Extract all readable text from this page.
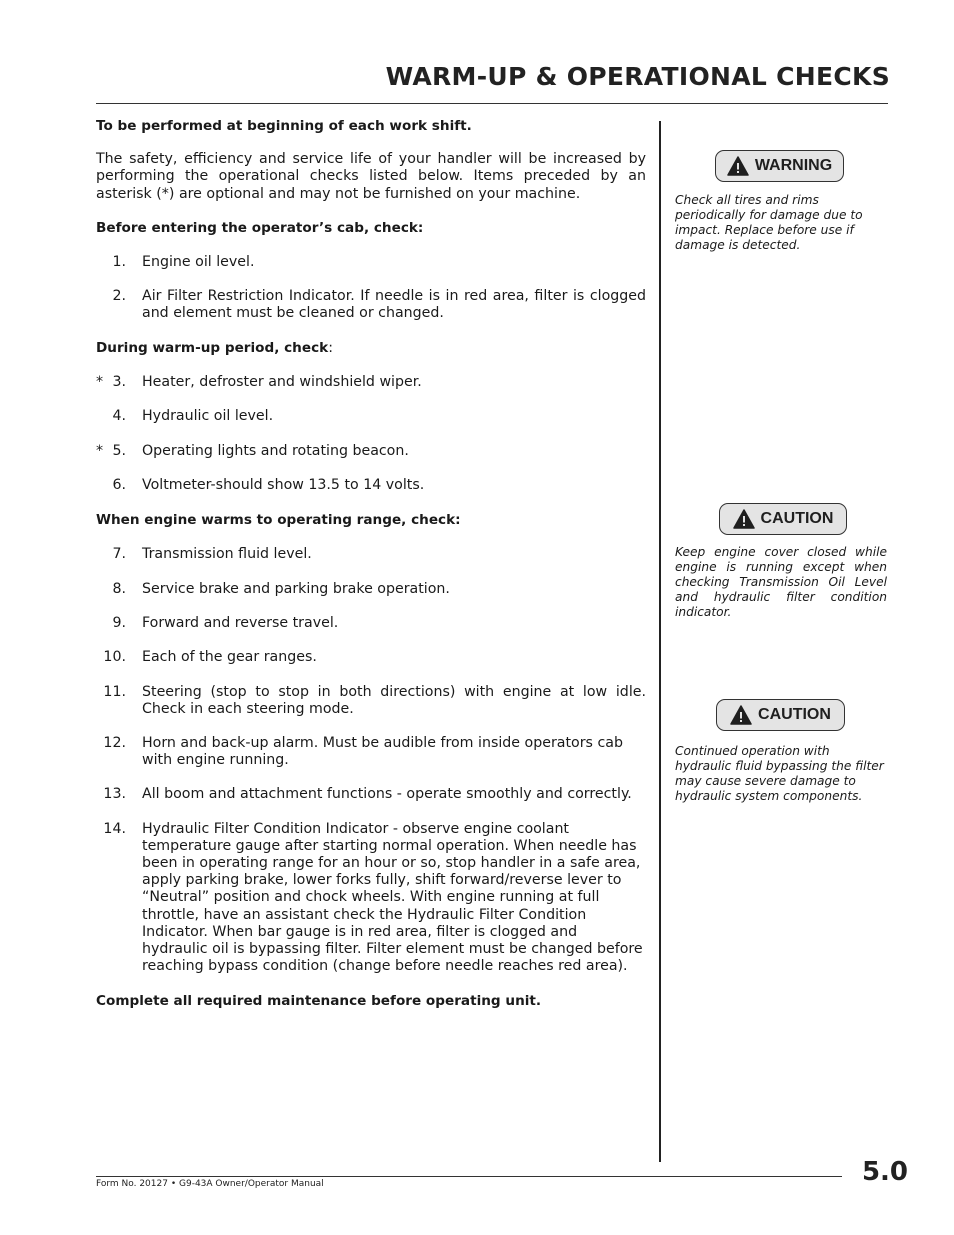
WARM-UP & OPERATIONAL CHECKS

To be performed at beginning of each work shift.

The safety, efficiency and service life of your handler will be increased by performing the operational checks listed below. Items preceded by an asterisk (*) are optional and may not be furnished on your machine.

Before entering the operator’s cab, check:

1. Engine oil level.
2. Air Filter Restriction Indicator. If needle is in red area, filter is clogged and element must be cleaned or changed.

During warm-up period, check:

* 3. Heater, defroster and windshield wiper.
4. Hydraulic oil level.
* 5. Operating lights and rotating beacon.
6. Voltmeter-should show 13.5 to 14 volts.

When engine warms to operating range, check:

7. Transmission fluid level.
8. Service brake and parking brake operation.
9. Forward and reverse travel.
10. Each of the gear ranges.
11. Steering (stop to stop in both directions) with engine at low idle. Check in each steering mode.
12. Horn and back-up alarm. Must be audible from inside operators cab with engine running.
13. All boom and attachment functions - operate smoothly and correctly.
14. Hydraulic Filter Condition Indicator - observe engine coolant temperature gauge after starting normal operation. When needle has been in operating range for an hour or so, stop handler in a safe area, apply parking brake, lower forks fully, shift forward/reverse lever to “Neutral” position and chock wheels. With engine running at full throttle, have an assistant check the Hydraulic Filter Condition Indicator. When bar gauge is in red area, filter is clogged and hydraulic oil is bypassing filter. Filter element must be changed before reaching bypass condition (change before needle reaches red area).

Complete all required maintenance before operating unit.

WARNING
Check all tires and rims periodically for damage due to impact. Replace before use if damage is detected.
CAUTION
Keep engine cover closed while engine is running except when checking Transmission Oil Level and hydraulic filter condition indicator.
CAUTION
Continued operation with hydraulic fluid bypassing the filter may cause severe damage to hydraulic system components.
Form No. 20127 • G9-43A Owner/Operator Manual	5.0
